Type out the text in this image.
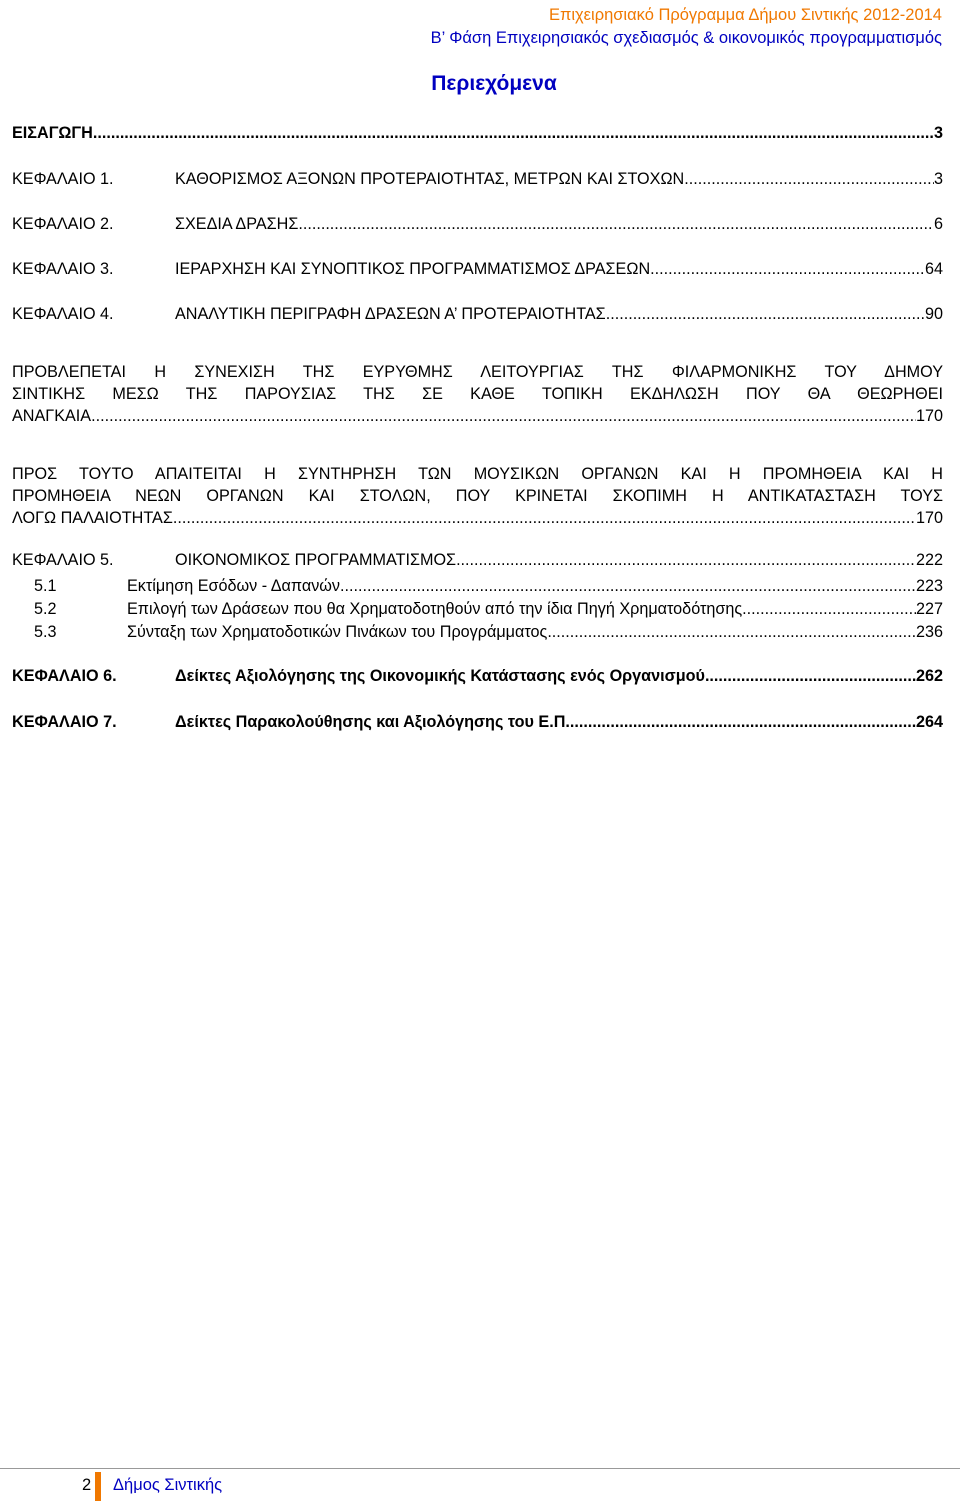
Επιχειρησιακό Πρόγραμμα Δήμου Σιντικής 2012-2014
Β’ Φάση Επιχειρησιακός σχεδιασμός & οικονομικός προγραμματισμός
Περιεχόμενα
ΕΙΣΑΓΩΓΗ .....	3
ΚΕΦΑΛΑΙΟ 1.	ΚΑΘΟΡΙΣΜΟΣ ΑΞΟΝΩΝ ΠΡΟΤΕΡΑΙΟΤΗΤΑΣ, ΜΕΤΡΩΝ ΚΑΙ ΣΤΟΧΩΝ .....	3
ΚΕΦΑΛΑΙΟ 2.	ΣΧΕΔΙΑ ΔΡΑΣΗΣ .....	6
ΚΕΦΑΛΑΙΟ 3.	ΙΕΡΑΡΧΗΣΗ ΚΑΙ ΣΥΝΟΠΤΙΚΟΣ ΠΡΟΓΡΑΜΜΑΤΙΣΜΟΣ ΔΡΑΣΕΩΝ .....	64
ΚΕΦΑΛΑΙΟ 4.	ΑΝΑΛΥΤΙΚΗ ΠΕΡΙΓΡΑΦΗ ΔΡΑΣΕΩΝ Α’ ΠΡΟΤΕΡΑΙΟΤΗΤΑΣ .....	90
ΠΡΟΒΛΕΠΕΤΑΙ Η ΣΥΝΕΧΙΣΗ ΤΗΣ ΕΥΡΥΘΜΗΣ ΛΕΙΤΟΥΡΓΙΑΣ ΤΗΣ ΦΙΛΑΡΜΟΝΙΚΗΣ ΤΟΥ ΔΗΜΟΥ
ΣΙΝΤΙΚΗΣ ΜΕΣΩ ΤΗΣ ΠΑΡΟΥΣΙΑΣ ΤΗΣ ΣΕ ΚΑΘΕ ΤΟΠΙΚΗ ΕΚΔΗΛΩΣΗ ΠΟΥ ΘΑ ΘΕΩΡΗΘΕΙ
ΑΝΑΓΚΑΙΑ. .....	170
ΠΡΟΣ ΤΟΥΤΟ ΑΠΑΙΤΕΙΤΑΙ Η ΣΥΝΤΗΡΗΣΗ ΤΩΝ ΜΟΥΣΙΚΩΝ ΟΡΓΑΝΩΝ ΚΑΙ Η ΠΡΟΜΗΘΕΙΑ ΚΑΙ Η
ΠΡΟΜΗΘΕΙΑ ΝΕΩΝ ΟΡΓΑΝΩΝ ΚΑΙ ΣΤΟΛΩΝ, ΠΟΥ ΚΡΙΝΕΤΑΙ ΣΚΟΠΙΜΗ Η ΑΝΤΙΚΑΤΑΣΤΑΣΗ ΤΟΥΣ
ΛΟΓΩ ΠΑΛΑΙΟΤΗΤΑΣ. .....	170
ΚΕΦΑΛΑΙΟ 5.	ΟΙΚΟΝΟΜΙΚΟΣ ΠΡΟΓΡΑΜΜΑΤΙΣΜΟΣ .....	222
5.1	Εκτίμηση Εσόδων - Δαπανών .....	223
5.2	Επιλογή των Δράσεων που θα Χρηματοδοτηθούν από την ίδια Πηγή Χρηματοδότησης .....	227
5.3	Σύνταξη των Χρηματοδοτικών Πινάκων του Προγράμματος .....	236
ΚΕΦΑΛΑΙΟ 6.	Δείκτες Αξιολόγησης της Οικονομικής Κατάστασης ενός Οργανισμού .....	262
ΚΕΦΑΛΑΙΟ 7.	Δείκτες Παρακολούθησης και Αξιολόγησης του Ε.Π. .....	264
2 Δήμος Σιντικής
